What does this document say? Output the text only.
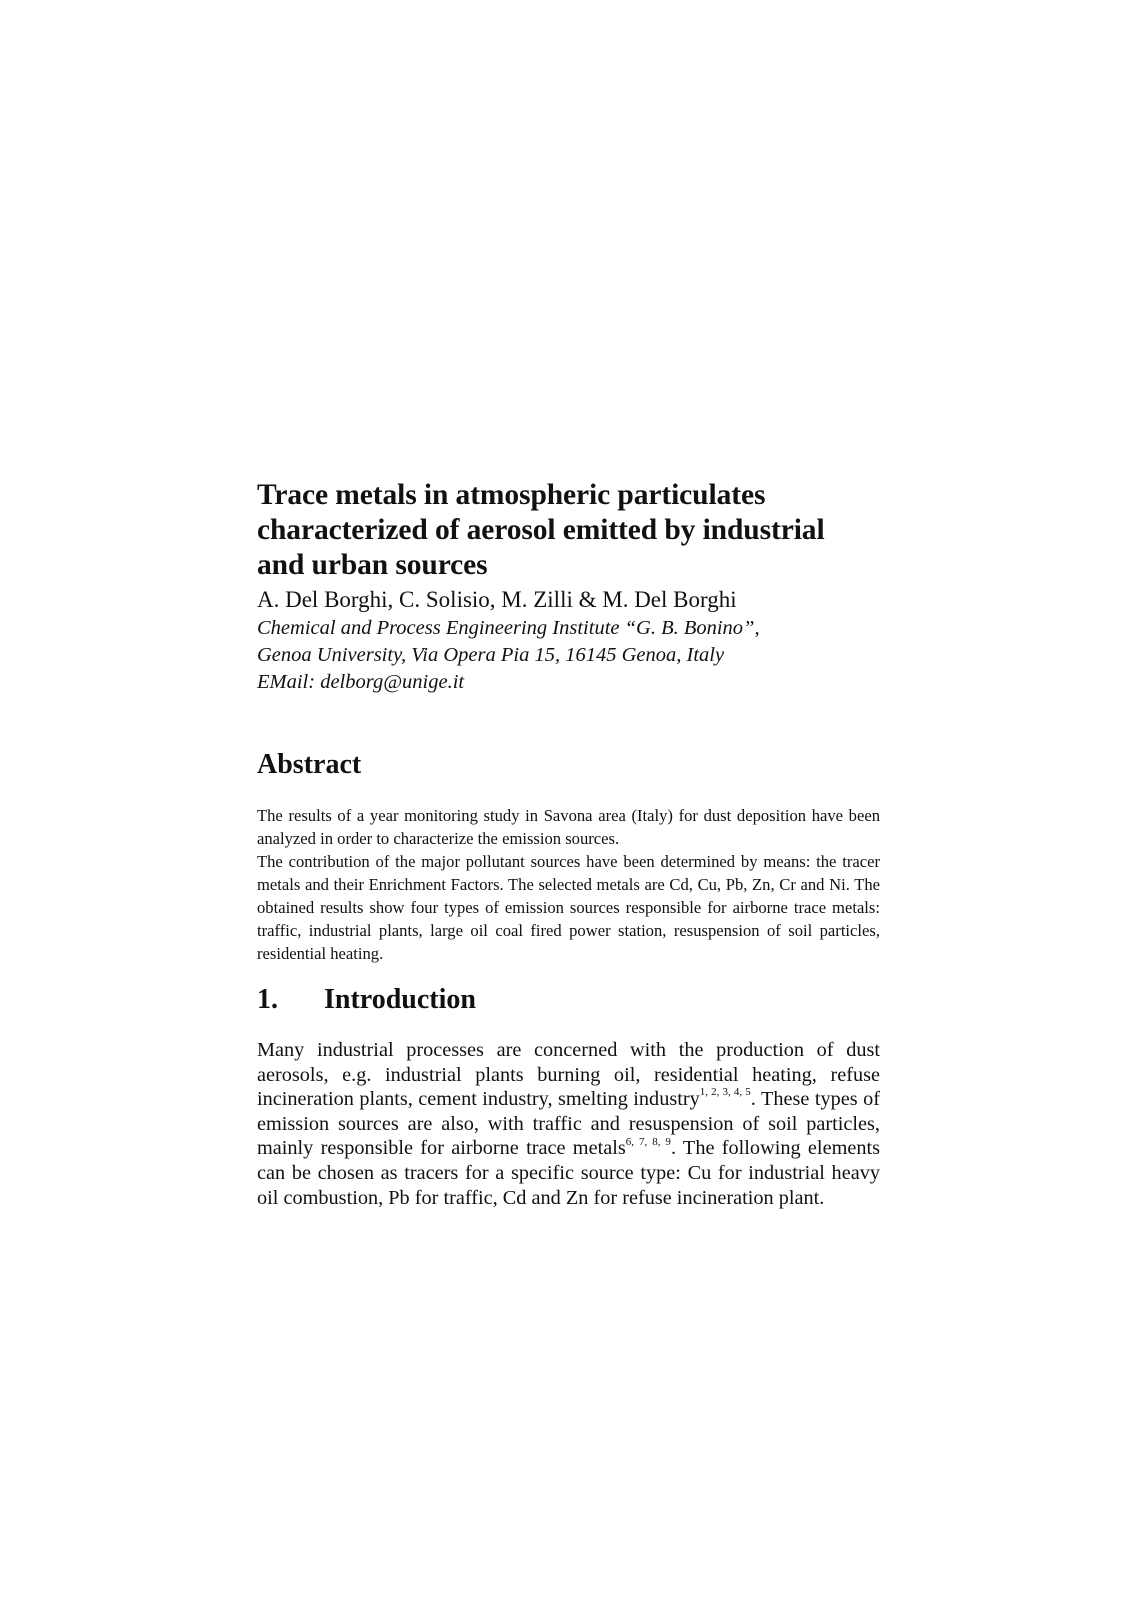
Trace metals in atmospheric particulates
characterized of aerosol emitted by industrial
and urban sources
A. Del Borghi, C. Solisio, M. Zilli & M. Del Borghi
Chemical and Process Engineering Institute “G. B. Bonino”,
Genoa University, Via Opera Pia 15, 16145 Genoa, Italy
EMail: delborg@unige.it
Abstract

The results of a year monitoring study in Savona area (Italy) for dust deposition have been analyzed in order to characterize the emission sources.

The contribution of the major pollutant sources have been determined by means: the tracer metals and their Enrichment Factors. The selected metals are Cd, Cu, Pb, Zn, Cr and Ni. The obtained results show four types of emission sources responsible for airborne trace metals: traffic, industrial plants, large oil coal fired power station, resuspension of soil particles, residential heating.

1.	Introduction

Many industrial processes are concerned with the production of dust aerosols, e.g. industrial plants burning oil, residential heating, refuse incineration plants, cement industry, smelting industry$^{1, 2, 3, 4, 5}$. These types of emission sources are also, with traffic and resuspension of soil particles, mainly responsible for airborne trace metals$^{6, 7, 8, 9}$. The following elements can be chosen as tracers for a specific source type: Cu for industrial heavy oil combustion, Pb for traffic, Cd and Zn for refuse incineration plant.
